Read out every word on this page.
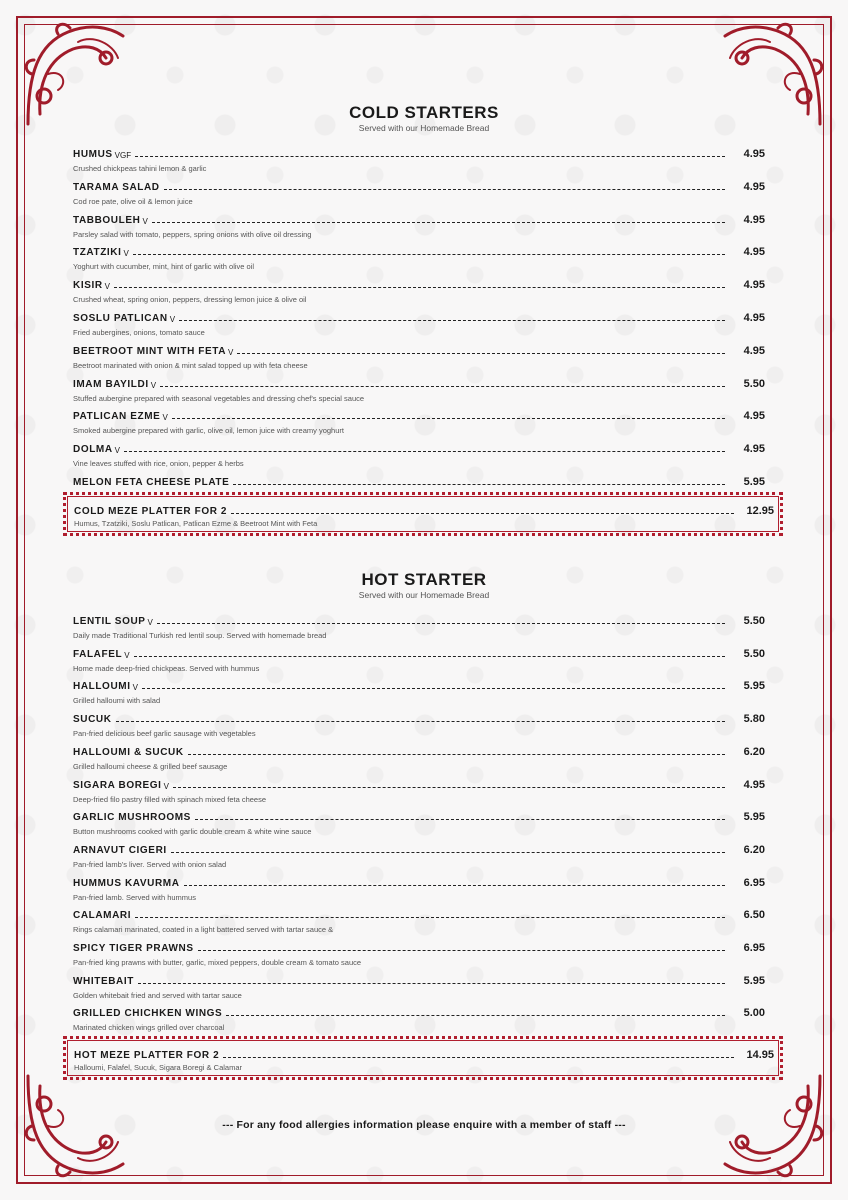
COLD STARTERS
Served with our Homemade Bread
HUMUS VGF	4.95
Crushed chickpeas tahini lemon & garlic
TARAMA SALAD	4.95
Cod roe pate, olive oil & lemon juice
TABBOULEH V	4.95
Parsley salad with tomato, peppers, spring onions with olive oil dressing
TZATZIKI V	4.95
Yoghurt with cucumber, mint, hint of garlic with olive oil
KISIR V	4.95
Crushed wheat, spring onion, peppers, dressing lemon juice & olive oil
SOSLU PATLICAN V	4.95
Fried aubergines, onions, tomato sauce
BEETROOT MINT WITH FETA V	4.95
Beetroot marinated with onion & mint salad topped up with feta cheese
IMAM BAYILDI V	5.50
Stuffed aubergine prepared with seasonal vegetables and dressing chef's special sauce
PATLICAN EZME V	4.95
Smoked aubergine prepared with garlic, olive oil, lemon juice with creamy yoghurt
DOLMA V	4.95
Vine leaves stuffed with rice, onion, pepper & herbs
MELON FETA CHEESE PLATE	5.95
COLD MEZE PLATTER FOR 2	12.95
Humus, Tzatziki, Soslu Patlican, Patlican Ezme & Beetroot Mint with Feta
HOT STARTER
Served with our Homemade Bread
LENTIL SOUP V	5.50
Daily made Traditional Turkish red lentil soup. Served with homemade bread
FALAFEL V	5.50
Home made deep-fried chickpeas. Served with hummus
HALLOUMI V	5.95
Grilled halloumi with salad
SUCUK	5.80
Pan-fried delicious beef garlic sausage with vegetables
HALLOUMI & SUCUK	6.20
Grilled halloumi cheese & grilled beef sausage
SIGARA BOREGI V	4.95
Deep-fried filo pastry filled with spinach mixed feta cheese
GARLIC MUSHROOMS	5.95
Button mushrooms cooked with garlic double cream & white wine sauce
ARNAVUT CIGERI	6.20
Pan-fried lamb's liver. Served with onion salad
HUMMUS KAVURMA	6.95
Pan-fried lamb. Served with hummus
CALAMARI	6.50
Rings calamari marinated, coated in a light battered served with tartar sauce &
SPICY TIGER PRAWNS	6.95
Pan-fried king prawns with butter, garlic, mixed peppers, double cream & tomato sauce
WHITEBAIT	5.95
Golden whitebait fried and served with tartar sauce
GRILLED CHICHKEN WINGS	5.00
Marinated chicken wings grilled over charcoal
HOT MEZE PLATTER FOR 2	14.95
Halloumi, Falafel, Sucuk, Sigara Boregi & Calamar
--- For any food allergies information please enquire with a member of staff ---
